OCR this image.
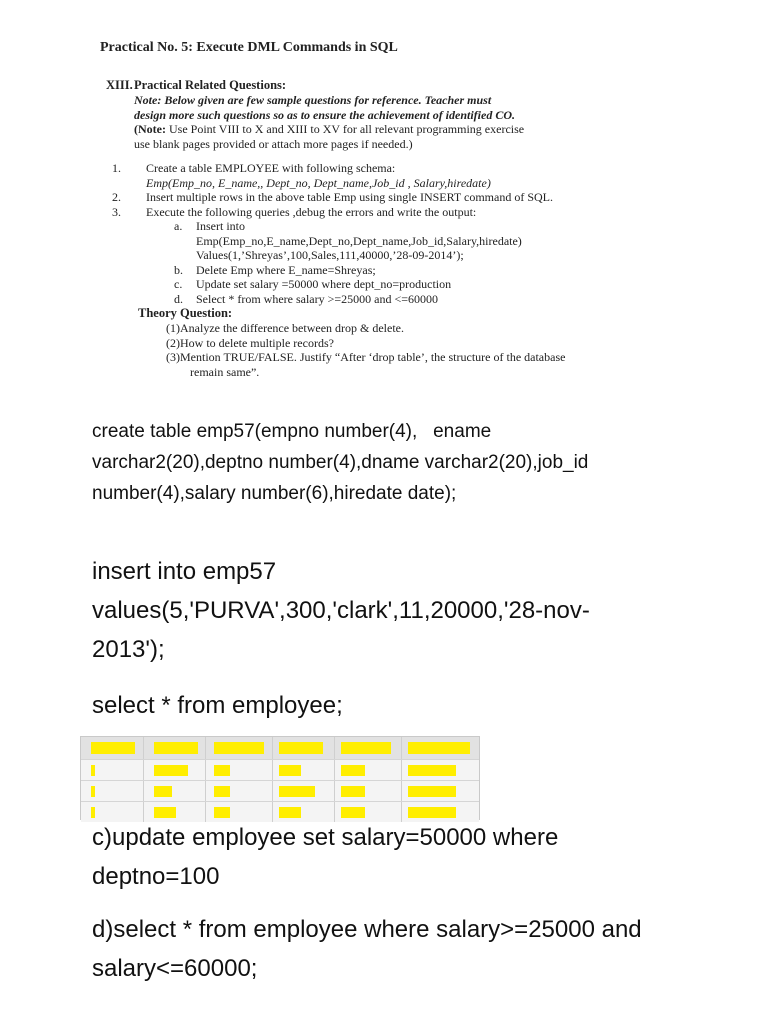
Practical No. 5: Execute DML Commands in SQL
XIII. Practical Related Questions:
Note: Below given are few sample questions for reference. Teacher must
design more such questions so as to ensure the achievement of identified CO.
(Note: Use Point VIII to X and XIII to XV for all relevant programming exercise
use blank pages provided or attach more pages if needed.)
1.	Create a table EMPLOYEE with following schema:
Emp(Emp_no, E_name,, Dept_no, Dept_name,Job_id , Salary,hiredate)
2.	Insert multiple rows in the above table Emp using single INSERT command of SQL.
3.	Execute the following queries ,debug the errors and write the output:
a.	Insert into
Emp(Emp_no,E_name,Dept_no,Dept_name,Job_id,Salary,hiredate)
Values(1,’Shreyas’,100,Sales,111,40000,’28-09-2014’);
b.	Delete Emp where E_name=Shreyas;
c.	Update set salary =50000 where dept_no=production
d.	Select * from where salary >=25000 and <=60000
Theory Question:
(1)Analyze the difference between drop & delete.
(2)How to delete multiple records?
(3)Mention TRUE/FALSE. Justify “After ‘drop table’, the structure of the database
remain same”.
create table emp57(empno number(4),   ename
varchar2(20),deptno number(4),dname varchar2(20),job_id
number(4),salary number(6),hiredate date);
insert into emp57
values(5,'PURVA',300,'clark',11,20000,'28-nov-
2013');
select * from employee;
c)update employee set salary=50000 where
deptno=100
d)select * from employee where salary>=25000 and
salary<=60000;
